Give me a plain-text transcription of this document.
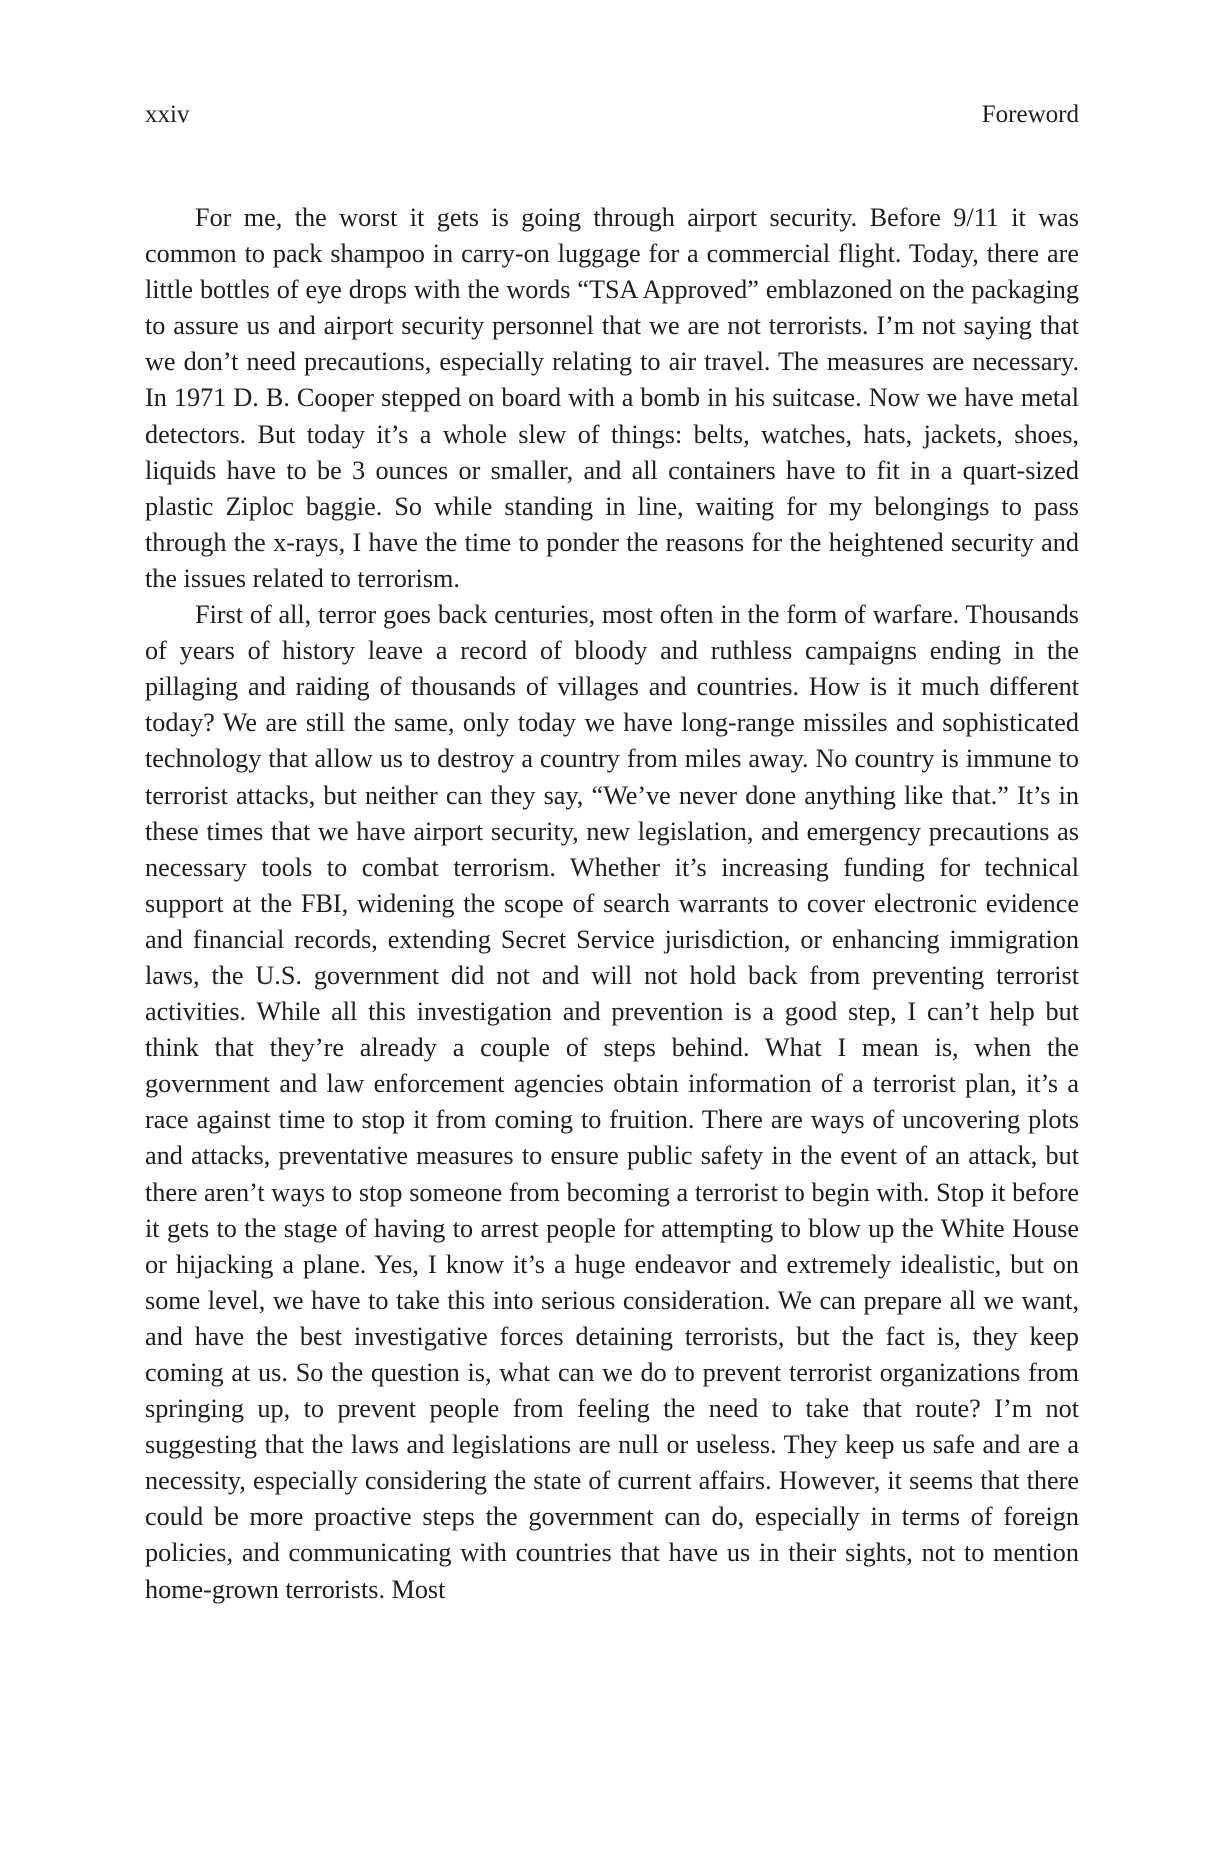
xxiv	Foreword

For me, the worst it gets is going through airport security. Before 9/11 it was common to pack shampoo in carry-on luggage for a commercial flight. Today, there are little bottles of eye drops with the words “TSA Approved” emblazoned on the packaging to assure us and airport security personnel that we are not terrorists. I’m not saying that we don’t need precautions, especially relating to air travel. The measures are necessary. In 1971 D. B. Cooper stepped on board with a bomb in his suitcase. Now we have metal detectors. But today it’s a whole slew of things: belts, watches, hats, jackets, shoes, liquids have to be 3 ounces or smaller, and all containers have to fit in a quart-sized plastic Ziploc baggie. So while standing in line, waiting for my belongings to pass through the x-rays, I have the time to ponder the reasons for the heightened security and the issues related to terrorism.

First of all, terror goes back centuries, most often in the form of warfare. Thousands of years of history leave a record of bloody and ruthless campaigns ending in the pillaging and raiding of thousands of villages and countries. How is it much different today? We are still the same, only today we have long-range missiles and sophisticated technology that allow us to destroy a country from miles away. No country is immune to terrorist attacks, but neither can they say, “We’ve never done anything like that.” It’s in these times that we have airport security, new legislation, and emergency precautions as necessary tools to combat terrorism. Whether it’s increasing funding for technical support at the FBI, widening the scope of search warrants to cover electronic evidence and financial records, extending Secret Service jurisdiction, or enhancing immigration laws, the U.S. government did not and will not hold back from preventing terrorist activities. While all this investigation and prevention is a good step, I can’t help but think that they’re already a couple of steps behind. What I mean is, when the government and law enforcement agencies obtain information of a terrorist plan, it’s a race against time to stop it from coming to fruition. There are ways of uncovering plots and attacks, preventative measures to ensure public safety in the event of an attack, but there aren’t ways to stop someone from becoming a terrorist to begin with. Stop it before it gets to the stage of having to arrest people for attempting to blow up the White House or hijacking a plane. Yes, I know it’s a huge endeavor and extremely idealistic, but on some level, we have to take this into serious consideration. We can prepare all we want, and have the best investigative forces detaining terrorists, but the fact is, they keep coming at us. So the question is, what can we do to prevent terrorist organizations from springing up, to prevent people from feeling the need to take that route? I’m not suggesting that the laws and legislations are null or useless. They keep us safe and are a necessity, especially considering the state of current affairs. However, it seems that there could be more proactive steps the government can do, especially in terms of foreign policies, and communicating with countries that have us in their sights, not to mention home-grown terrorists. Most
